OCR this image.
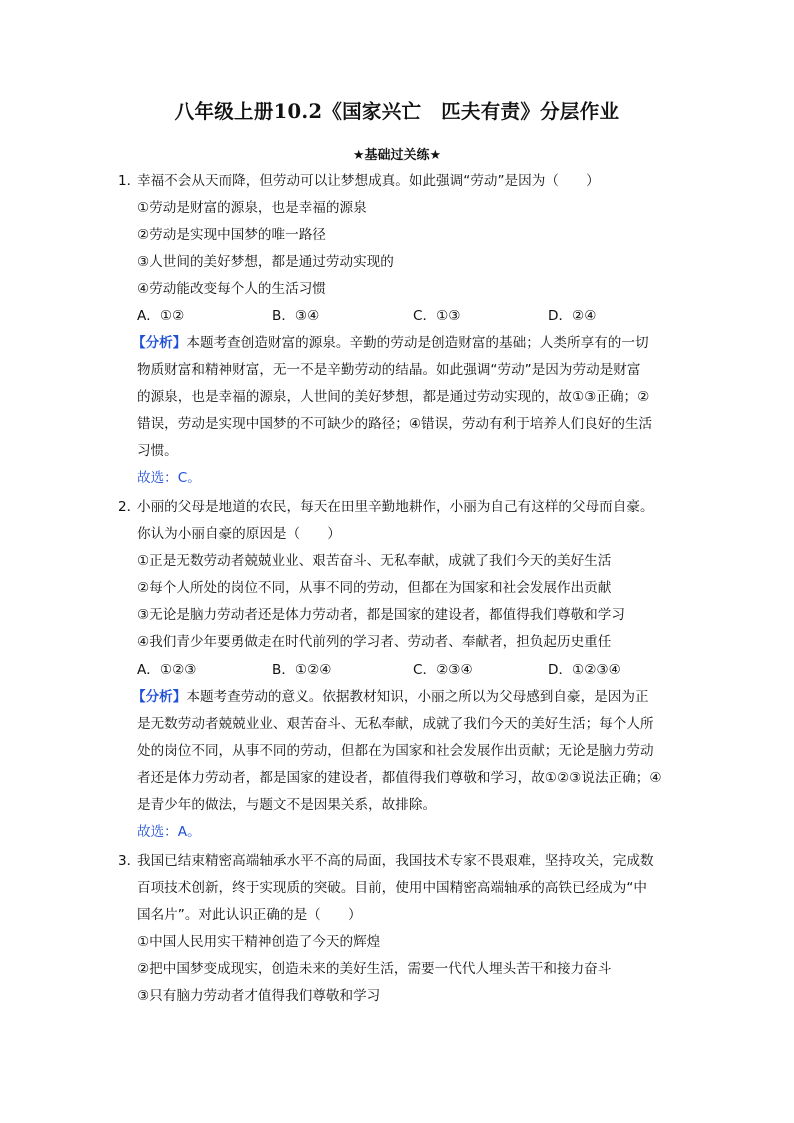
八年级上册10.2《国家兴亡　匹夫有责》分层作业
★基础过关练★
1．
幸福不会从天而降，但劳动可以让梦想成真。如此强调“劳动”是因为（　　）
①劳动是财富的源泉，也是幸福的源泉
②劳动是实现中国梦的唯一路径
③人世间的美好梦想，都是通过劳动实现的
④劳动能改变每个人的生活习惯
A．①②	B．③④	C．①③	D．②④
【分析】本题考查创造财富的源泉。辛勤的劳动是创造财富的基础；人类所享有的一切
物质财富和精神财富，无一不是辛勤劳动的结晶。如此强调“劳动”是因为劳动是财富
的源泉，也是幸福的源泉，人世间的美好梦想，都是通过劳动实现的，故①③正确；②
错误，劳动是实现中国梦的不可缺少的路径；④错误，劳动有利于培养人们良好的生活
习惯。
故选：C。
2．
小丽的父母是地道的农民，每天在田里辛勤地耕作，小丽为自己有这样的父母而自豪。
你认为小丽自豪的原因是（　　）
①正是无数劳动者兢兢业业、艰苦奋斗、无私奉献，成就了我们今天的美好生活
②每个人所处的岗位不同，从事不同的劳动，但都在为国家和社会发展作出贡献
③无论是脑力劳动者还是体力劳动者，都是国家的建设者，都值得我们尊敬和学习
④我们青少年要勇做走在时代前列的学习者、劳动者、奉献者，担负起历史重任
A．①②③	B．①②④	C．②③④	D．①②③④
【分析】本题考查劳动的意义。依据教材知识，小丽之所以为父母感到自豪，是因为正
是无数劳动者兢兢业业、艰苦奋斗、无私奉献，成就了我们今天的美好生活；每个人所
处的岗位不同，从事不同的劳动，但都在为国家和社会发展作出贡献；无论是脑力劳动
者还是体力劳动者，都是国家的建设者，都值得我们尊敬和学习，故①②③说法正确；④
是青少年的做法，与题文不是因果关系，故排除。
故选：A。
3．
我国已结束精密高端轴承水平不高的局面，我国技术专家不畏艰难，坚持攻关，完成数
百项技术创新，终于实现质的突破。目前，使用中国精密高端轴承的高铁已经成为“中
国名片”。对此认识正确的是（　　）
①中国人民用实干精神创造了今天的辉煌
②把中国梦变成现实，创造未来的美好生活，需要一代代人埋头苦干和接力奋斗
③只有脑力劳动者才值得我们尊敬和学习
